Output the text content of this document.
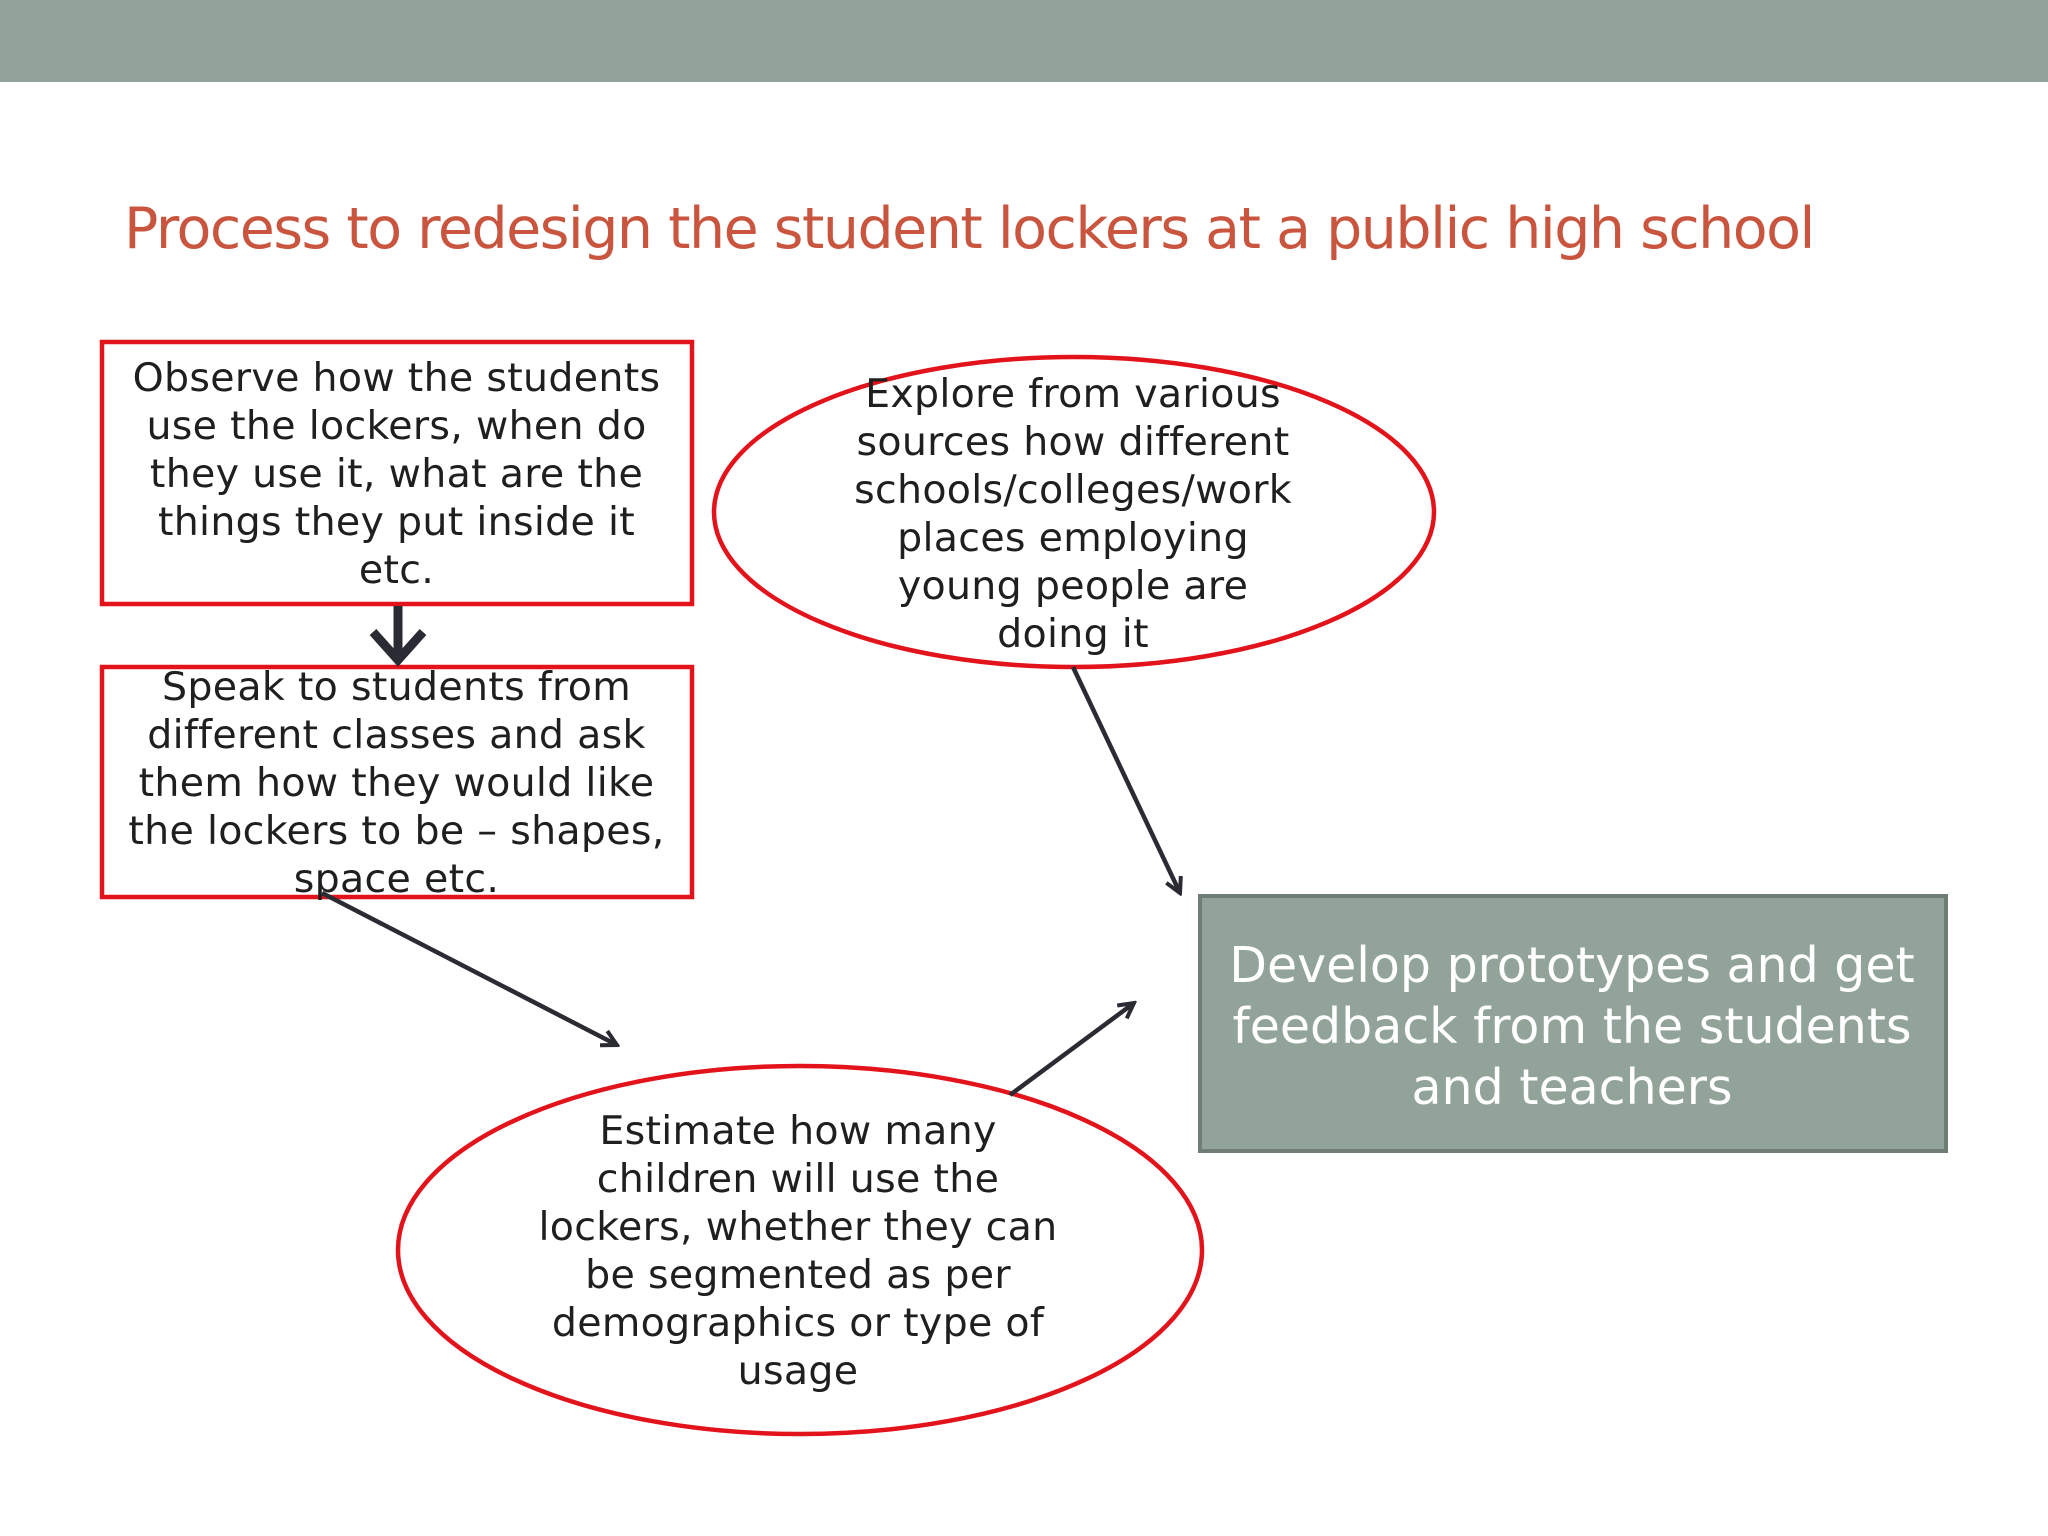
Process to redesign the student lockers at a public high school
Observe how the students
use the lockers, when do
they use it, what are the
things they put inside it
etc.
Speak to students from
different classes and ask
them how they would like
the lockers to be – shapes,
space etc.
Explore from various
sources how different
schools/colleges/work
places employing
young people are
doing it
Estimate how many
children will use the
lockers, whether they can
be segmented as per
demographics or type of
usage
Develop prototypes and get
feedback from the students
and teachers
